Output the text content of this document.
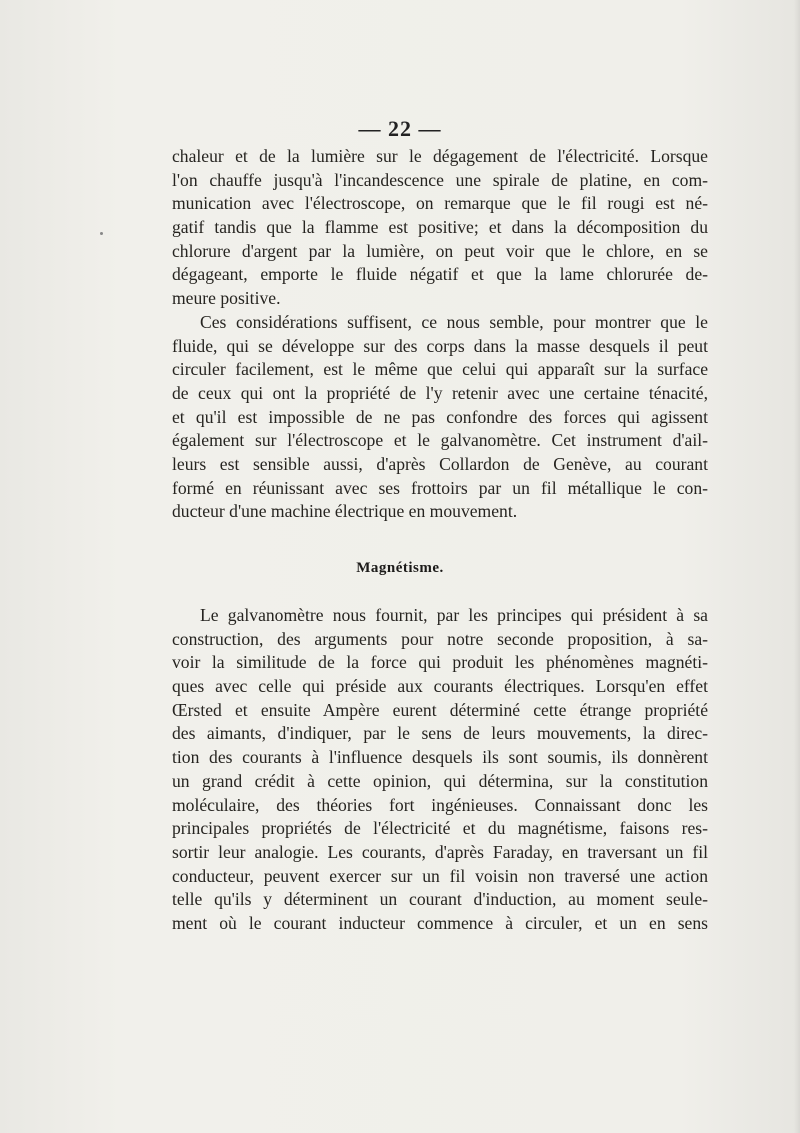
— 22 —
chaleur et de la lumière sur le dégagement de l'électricité. Lorsque
l'on chauffe jusqu'à l'incandescence une spirale de platine, en com-
munication avec l'électroscope, on remarque que le fil rougi est né-
gatif tandis que la flamme est positive; et dans la décomposition du
chlorure d'argent par la lumière, on peut voir que le chlore, en se
dégageant, emporte le fluide négatif et que la lame chlorurée de-
meure positive.
Ces considérations suffisent, ce nous semble, pour montrer que le
fluide, qui se développe sur des corps dans la masse desquels il peut
circuler facilement, est le même que celui qui apparaît sur la surface
de ceux qui ont la propriété de l'y retenir avec une certaine ténacité,
et qu'il est impossible de ne pas confondre des forces qui agissent
également sur l'électroscope et le galvanomètre. Cet instrument d'ail-
leurs est sensible aussi, d'après Collardon de Genève, au courant
formé en réunissant avec ses frottoirs par un fil métallique le con-
ducteur d'une machine électrique en mouvement.
Magnétisme.
Le galvanomètre nous fournit, par les principes qui président à sa
construction, des arguments pour notre seconde proposition, à sa-
voir la similitude de la force qui produit les phénomènes magnéti-
ques avec celle qui préside aux courants électriques. Lorsqu'en effet
Œrsted et ensuite Ampère eurent déterminé cette étrange propriété
des aimants, d'indiquer, par le sens de leurs mouvements, la direc-
tion des courants à l'influence desquels ils sont soumis, ils donnèrent
un grand crédit à cette opinion, qui détermina, sur la constitution
moléculaire, des théories fort ingénieuses. Connaissant donc les
principales propriétés de l'électricité et du magnétisme, faisons res-
sortir leur analogie. Les courants, d'après Faraday, en traversant un fil
conducteur, peuvent exercer sur un fil voisin non traversé une action
telle qu'ils y déterminent un courant d'induction, au moment seule-
ment où le courant inducteur commence à circuler, et un en sens
